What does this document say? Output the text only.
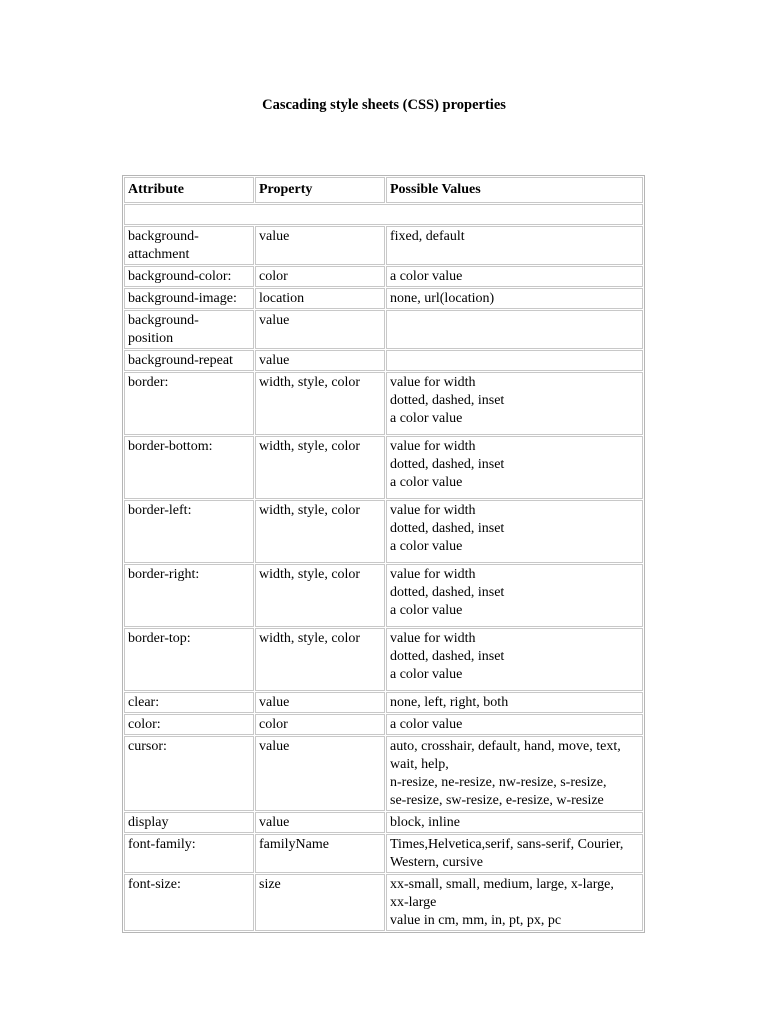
Cascading style sheets (CSS) properties
Attribute	Property	Possible Values

background-
attachment	value	fixed, default
background-color:	color	a color value
background-image:	location	none, url(location)
background-
position	value	
background-repeat	value	
border:	width, style, color	value for width
dotted, dashed, inset
a color value
border-bottom:	width, style, color	value for width
dotted, dashed, inset
a color value
border-left:	width, style, color	value for width
dotted, dashed, inset
a color value
border-right:	width, style, color	value for width
dotted, dashed, inset
a color value
border-top:	width, style, color	value for width
dotted, dashed, inset
a color value
clear:	value	none, left, right, both
color:	color	a color value
cursor:	value	auto, crosshair, default, hand, move, text,
wait, help,
n-resize, ne-resize, nw-resize, s-resize,
se-resize, sw-resize, e-resize, w-resize
display	value	block, inline
font-family:	familyName	Times,Helvetica,serif, sans-serif, Courier,
Western, cursive
font-size:	size	xx-small, small, medium, large, x-large,
xx-large
value in cm, mm, in, pt, px, pc
